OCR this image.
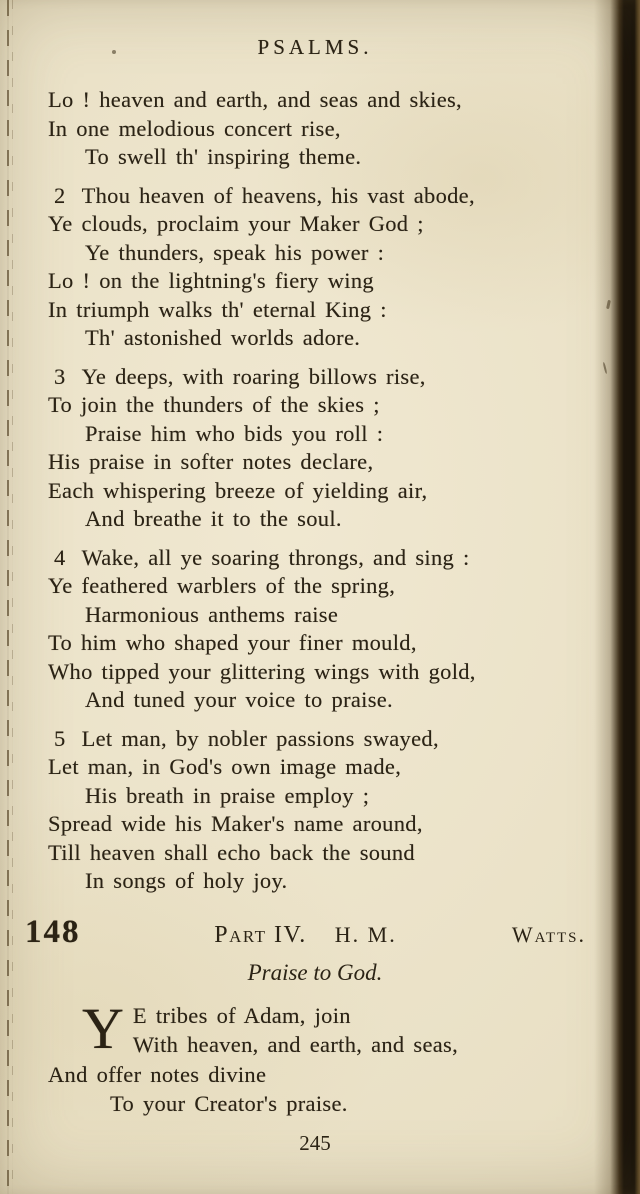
PSALMS.
Lo ! heaven and earth, and seas and skies,
In one melodious concert rise,
To swell th' inspiring theme.
2 Thou heaven of heavens, his vast abode,
Ye clouds, proclaim your Maker God ;
Ye thunders, speak his power :
Lo ! on the lightning's fiery wing
In triumph walks th' eternal King :
Th' astonished worlds adore.
3 Ye deeps, with roaring billows rise,
To join the thunders of the skies ;
Praise him who bids you roll :
His praise in softer notes declare,
Each whispering breeze of yielding air,
And breathe it to the soul.
4 Wake, all ye soaring throngs, and sing :
Ye feathered warblers of the spring,
Harmonious anthems raise
To him who shaped your finer mould,
Who tipped your glittering wings with gold,
And tuned your voice to praise.
5 Let man, by nobler passions swayed,
Let man, in God's own image made,
His breath in praise employ ;
Spread wide his Maker's name around,
Till heaven shall echo back the sound
In songs of holy joy.
148	Part IV. H. M.	Watts.
Praise to God.
Y E tribes of Adam, join
With heaven, and earth, and seas,
And offer notes divine
To your Creator's praise.
245
